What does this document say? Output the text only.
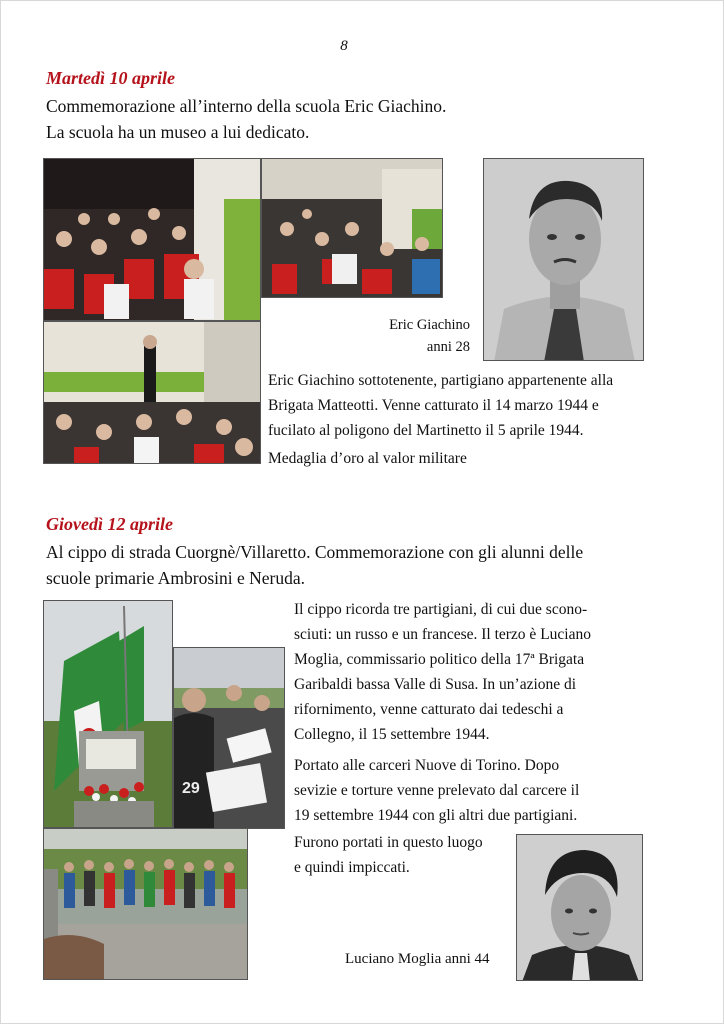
8
Martedì 10 aprile
Commemorazione all’interno della scuola Eric Giachino.
La scuola ha un museo a lui dedicato.
Eric Giachino
anni 28
Eric Giachino sottotenente, partigiano appartenente alla
Brigata Matteotti. Venne catturato il 14 marzo 1944 e
fucilato al poligono del Martinetto il 5 aprile 1944.
Medaglia d’oro al valor militare
Giovedì 12 aprile
Al cippo di strada Cuorgnè/Villaretto. Commemorazione con gli alunni delle
scuole primarie Ambrosini e Neruda.
29
Il cippo ricorda tre partigiani, di cui due scono-
sciuti: un russo e un francese. Il terzo è Luciano
Moglia, commissario politico della 17ª Brigata
Garibaldi bassa Valle di Susa. In un’azione di
rifornimento, venne catturato dai tedeschi a
Collegno, il 15 settembre 1944.
Portato alle carceri Nuove di Torino. Dopo
sevizie e torture venne prelevato dal carcere il
19 settembre 1944 con gli altri due partigiani.
Furono portati in questo luogo
e quindi impiccati.
Luciano Moglia anni 44
